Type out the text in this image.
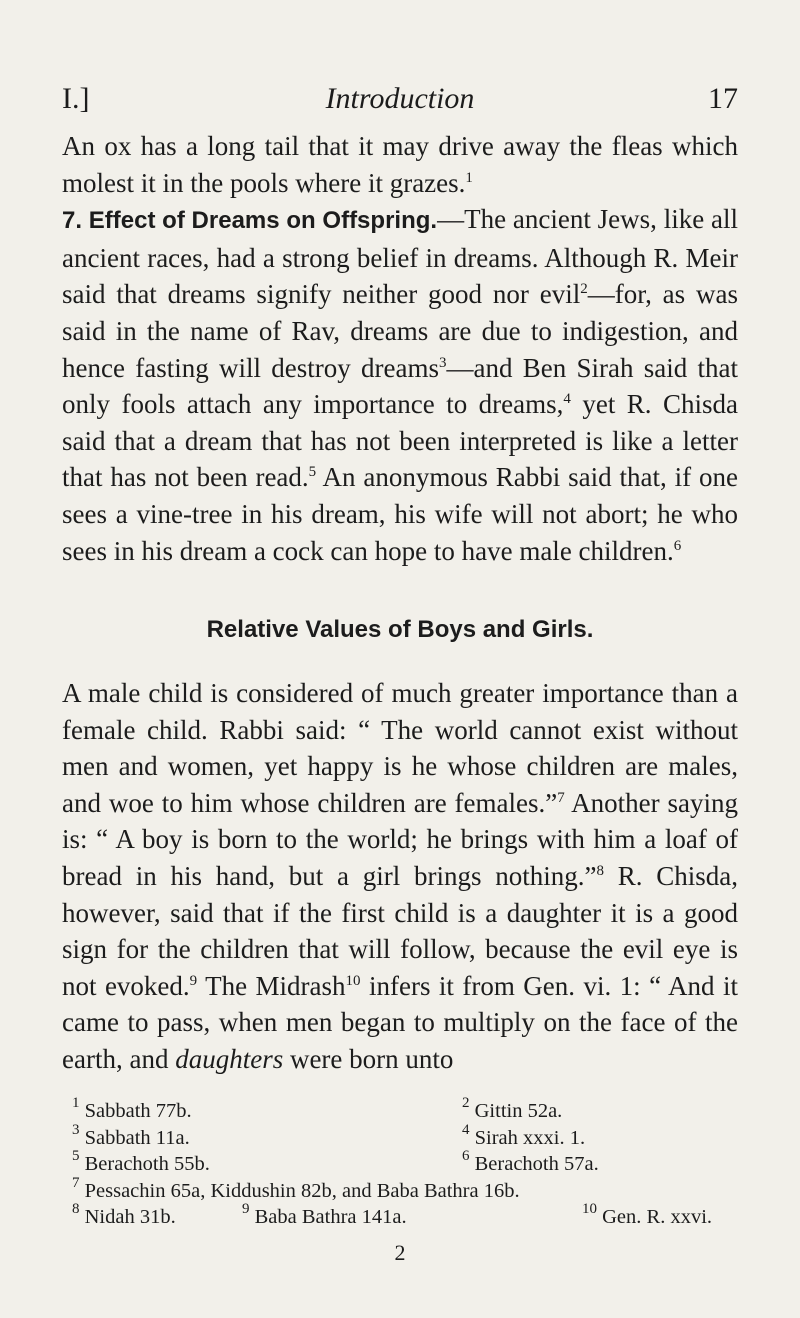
I.]	Introduction	17

An ox has a long tail that it may drive away the fleas which molest it in the pools where it grazes.$^1$

7. Effect of Dreams on Offspring.—The ancient Jews, like all ancient races, had a strong belief in dreams. Although R. Meir said that dreams signify neither good nor evil$^2$—for, as was said in the name of Rav, dreams are due to indigestion, and hence fasting will destroy dreams$^3$—and Ben Sirah said that only fools attach any importance to dreams,$^4$ yet R. Chisda said that a dream that has not been interpreted is like a letter that has not been read.$^5$ An anonymous Rabbi said that, if one sees a vine-tree in his dream, his wife will not abort; he who sees in his dream a cock can hope to have male children.$^6$

Relative Values of Boys and Girls.

A male child is considered of much greater importance than a female child. Rabbi said: “ The world cannot exist without men and women, yet happy is he whose children are males, and woe to him whose children are females.”$^7$ Another saying is: “ A boy is born to the world; he brings with him a loaf of bread in his hand, but a girl brings nothing.”$^8$ R. Chisda, however, said that if the first child is a daughter it is a good sign for the children that will follow, because the evil eye is not evoked.$^9$ The Midrash$^{10}$ infers it from Gen. vi. 1: “ And it came to pass, when men began to multiply on the face of the earth, and daughters were born unto

$^1$ Sabbath 77b.	$^2$ Gittin 52a.
$^3$ Sabbath 11a.	$^4$ Sirah xxxi. 1.
$^5$ Berachoth 55b.	$^6$ Berachoth 57a.
$^7$ Pessachin 65a, Kiddushin 82b, and Baba Bathra 16b.
$^8$ Nidah 31b.	$^9$ Baba Bathra 141a.	$^{10}$ Gen. R. xxvi.
2
